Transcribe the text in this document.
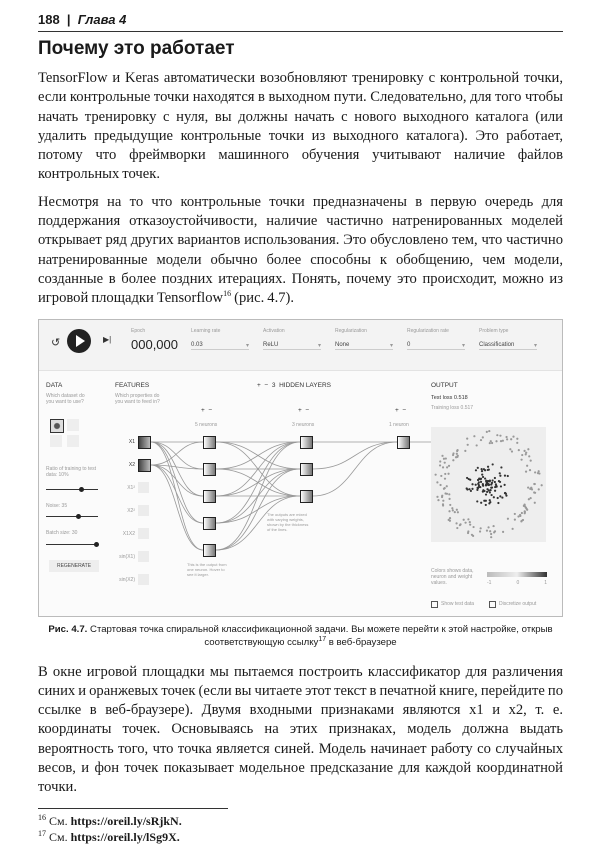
188  |  Глава 4
Почему это работает

TensorFlow и Keras автоматически возобновляют тренировку с контрольной точки, если контрольные точки находятся в выходном пути. Следовательно, для того чтобы начать тренировку с нуля, вы должны начать с нового выходного каталога (или удалить предыдущие контрольные точки из выходного каталога). Это работает, потому что фреймворки машинного обучения учитывают наличие файлов контрольных точек.

Несмотря на то что контрольные точки предназначены в первую очередь для поддержания отказоустойчивости, наличие частично натренированных моделей открывает ряд других вариантов использования. Это обусловлено тем, что частично натренированные модели обычно более способны к обобщению, чем модели, созданные в более поздних итерациях. Понять, почему это происходит, можно из игровой площадки Tensorflow$^{16}$ (рис. 4.7).

↺	▶|
Epoch
000,000
Learning rate
0.03	▾
Activation
ReLU	▾
Regularization
None	▾
Regularization rate
0	▾
Problem type
Classification	▾
DATA
Which dataset do you want to use?
Ratio of training to test data: 10%
Noise: 35
Batch size: 30
REGENERATE
FEATURES
Which properties do you want to feed in?
X1
X2
X1²
X2²
X1X2
sin(X1)
sin(X2)
+ − 3 HIDDEN LAYERS
+  −
5 neurons
+  −
3 neurons
+  −
1 neuron
This is the output from one neuron. Hover to see it larger.
The outputs are mixed with varying weights, shown by the thickness of the lines.
OUTPUT
Test loss 0.518
Training loss 0.517
Colors shows data, neuron and weight values.	-1	0	1
Show test data	Discretize output
Рис. 4.7. Стартовая точка спиральной классификационной задачи. Вы можете перейти к этой настройке, открыв соответствующую ссылку$^{17}$ в веб-браузере

В окне игровой площадки мы пытаемся построить классификатор для различения синих и оранжевых точек (если вы читаете этот текст в печатной книге, перейдите по ссылке в веб-браузере). Двумя входными признаками являются x1 и x2, т. е. координаты точек. Основываясь на этих признаках, модель должна выдать вероятность того, что точка является синей. Модель начинает работу со случайных весов, и фон точек показывает модельное предсказание для каждой координатной точки.

$^{16}$ См. https://oreil.ly/sRjkN.
$^{17}$ См. https://oreil.ly/lSg9X.
